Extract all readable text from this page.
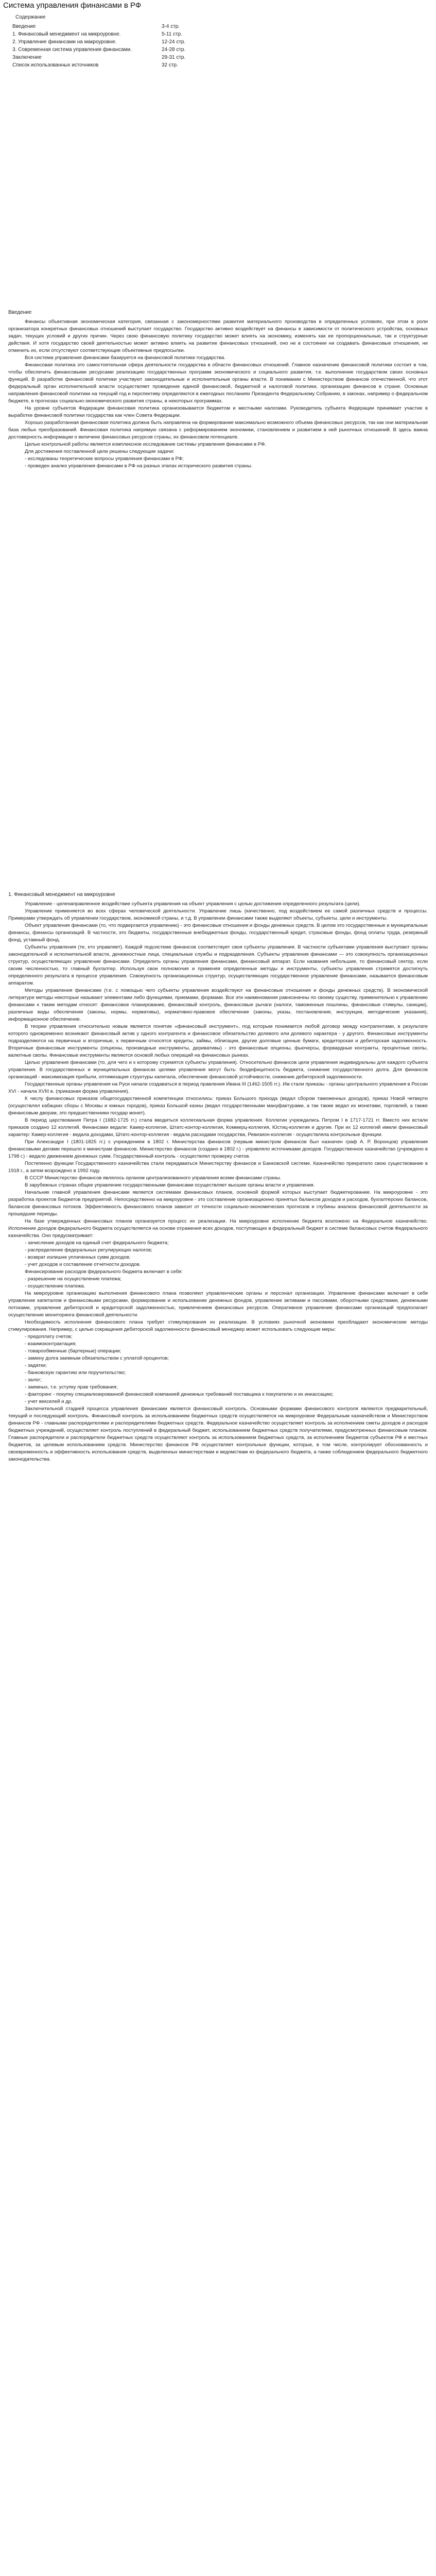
Система управления финансами в РФ

Содержание

Введение	3-4 стр.
1. Финансовый менеджмент на микроуровне.	5-11 стр.
2. Управление финансами на макроуровне.	12-24 стр.
3. Современная система управления финансами.	24-28 стр.
Заключение	29-31 стр.
Список использованных источников	32 стр.
Введение

Финансы объективная экономическая категория, связанная с закономерностями развития материального производства в определенных условиях, при этом в роли организатора конкретных финансовых отношений выступает государство. Государство активно воздействует на финансы в зависимости от политического устройства, основных задач, текущих условий и других причин. Через свою финансовую политику государство может влиять на экономику, изменять как ее пропорциональные, так и структурные действия. И хотя государство своей деятельностью может активно влиять на развитие финансовых отношений, оно не в состоянии ни создавать финансовые отношения, ни отменить их, если отсутствуют соответствующие объективные предпосылки.

Вся система управления финансами базируется на финансовой политике государства.

Финансовая политика это самостоятельная сфера деятельности государства в области финансовых отношений. Главное назначение финансовой политики состоит в том, чтобы обеспечить финансовыми ресурсами реализацию государственных программ экономического и социального развития, т.е. выполнение государством своих основных функций. В разработке финансовой политики участвуют законодательные и исполнительные органы власти. В понимании с Министерством финансов отечественной, что этот федеральный орган исполнительной власти осуществляет проведение единой финансовой, бюджетной и налоговой политики, организацию финансов в стране. Основные направления финансовой политики на текущий год и перспективу определяются в ежегодных посланиях Президента Федеральному Собранию, в законах, например о федеральном бюджете, в прогнозах социально-экономического развития страны, в некоторых программах.

На уровне субъектов Федерации финансовая политика организовывается бюджетом и местными налогами. Руководитель субъекта Федерации принимает участие в выработке финансовой политики государства как член Совета Федерации.

Хорошо разработанная финансовая политика должна быть направлена на формирование максимально возможного объема финансовых ресурсов, так как они материальная база любых преобразований. Финансовая политика напрямую связана с реформированием экономики, становлением и развитием в ней рыночных отношений. В здесь важна достоверность информации о величине финансовых ресурсов страны, их финансовом потенциале.

Целью контрольной работы является комплексное исследование системы управления финансами в РФ.

Для достижения поставленной цели решены следующие задачи:

- исследованы теоретические вопросы управления финансами в РФ;

- проведен анализ управления финансами в РФ на разных этапах исторического развития страны.

1. Финансовый менеджмент на микроуровне

Управление - целенаправленное воздействие субъекта управления на объект управления с целью достижения определенного результата (цели).

Управление применяется во всех сферах человеческой деятельности. Управление лишь (качественно, под воздействием ее самой различных средств и процессы. Примерами утверждать об управлении государством, экономикой страны, и т.д. В управлении финансами также выделяют объекты, субъекты, цели и инструменты.

Объект управления финансами (то, что подвергается управлению) - это финансовые отношения и фонды денежных средств. В целом это государственные и муниципальные финансы, финансы организаций. В частности, это бюджеты, государственные внебюджетные фонды, государственный кредит, страховые фонды, фонд оплаты труда, резервный фонд, уставный фонд.

Субъекты управления (те, кто управляет). Каждой подсистеме финансов соответствует своя субъекты управления. В частности субъектами управления выступают органы законодательной и исполнительной власти, денежностные лица, специальные службы и подразделения. Субъекты управления финансами — это совокупность организационных структур, осуществляющих управление финансами. Определить органы управления финансами, финансовый аппарат. Если названия небольшие, то финансовый сектор, если своим численностью, то главный бухгалтер. Используя свои полномочия и применяя определенные методы и инструменты, субъекты управления стремятся достигнуть определенного результата в процессе управления. Совокупность организационных структур, осуществляющих государственное управление финансами, называется финансовым аппаратом.

Методы управления финансами (т.е. с помощью чего субъекты управления воздействуют на финансовые отношения и фонды денежных средств). В экономической литературе методы некоторые называют элементами либо функциями, приемами, формами. Все эти наименования равнозначны по своему существу, применительно к управлению финансами к таким методам относят: финансовое планирование, финансовый контроль, финансовые рычаги (налоги, таможенные пошлины, финансовые стимулы, санкции), различные виды обеспечения (законы, нормы, нормативы), нормативно-правовое обеспечение (законы, указы, постановления, инструкции, методические указания), информационное обеспечение.

В теории управления относительно новым является понятие «финансовый инструмент», под которым понимается любой договор между контрагентами, в результате которого одновременно возникают финансовый актив у одного контрагента и финансовое обязательство долевого или долевого характера - у другого. Финансовые инструменты подразделяются на первичные и вторичные, к первичным относятся кредиты, займы, облигации, другие долговые ценные бумаги, кредиторская и дебиторская задолженность. Вторичные финансовые инструменты (опционы, производные инструменты, деривативы) - это финансовые опционы, фьючерсы, форвардные контракты, процентные свопы, валютные свопы. Финансовые инструменты являются основой любых операций на финансовых рынках.

Целью управления финансами (то, для чего и к которому стремятся субъекты управления). Относительно финансов цели управления индивидуальны для каждого субъекта управления. В государственных и муниципальных финансах целями управления могут быть: бездефицитность бюджета, снижение государственного долга. Для финансов организаций - максимизация прибыли, оптимизация структуры капитала, обеспечение финансовой устойчивости, снижение дебиторской задолженности.

Государственные органы управления на Руси начали создаваться в период правления Ивана III (1462-1505 гг.). Им стали приказы - органы центрального управления в России XVI - начала XVIII в. (приказная форма управления).

К числу финансовых приказов общегосударственной компетенции относились: приказ Большого прихода (ведал сбором таможенных доходов), приказ Новой четверти (осуществлял кабацких сборы с Москвы и южных городов), приказ Большой казны (ведал государственными мануфактурами, а так также ведал их монетами, торговлей, а также финансовым дворам, это предшественники государ монет).

В период царствования Петра I (1682-1725 гг.) стала вводиться коллегиальная форма управления. Коллегии учреждались Петром I в 1717-1721 гг. Вместо них встали приказов создано 12 коллегий. Финансами ведали: Камер-коллегия, Штатс-контор-коллегия, Коммерц-коллегия, Юстиц-коллегия и другие. При их 12 коллегий имели финансовый характер: Камер-коллегия - ведала доходами, Штатс-контор-коллегия - ведала расходами государства, Ревизион-коллегия - осуществляла контрольные функции.

При Александре I (1801-1825 гг.) с учреждением в 1802 г. Министерства финансов (первым министром финансов был назначен граф А. Р. Воронцов) управления финансовыми делами перешло к министрам финансов. Министерство финансов (создано в 1802 г.) - управляло источниками доходов. Государственное казначейство (учреждено в 1798 г.) - ведало движением денежных сумм. Государственный контроль - осуществлял проверку счетов.

Постепенно функции Государственного казначейства стали передаваться Министерству финансов и Банковской системе. Казначейство прекратило свою существование в 1918 г., а затем возрождено в 1992 году.

В СССР Министерство финансов являлось органом централизованного управления всеми финансами страны.

В зарубежных странах общее управление государственными финансами осуществляет высшие органы власти и управления.

Начальник главной управления финансами является системами финансовых планов, основной формой которых выступает бюджетирование. На микроуровне - это разработка проектов бюджетов предприятий. Непосредственно на микроуровне - это составление организационно принятых балансов доходов и расходов, бухгалтерских балансов, балансов финансовых потоков. Эффективность финансового планов зависит от точности социально-экономических прогнозов и глубины анализа финансовой деятельности за прошедшие периоды.

На базе утвержденных финансовых планов организуется процесс их реализации. На микроуровне исполнение бюджета возложено на Федеральное казначейство. Исполнение доходов федерального бюджета осуществляется на основе отражения всех доходов, поступающих в федеральный бюджет в системе балансовых счетов Федерального казначейства. Оно предусматривает:

- зачисление доходов на единый счет федерального бюджета;

- распределение федеральных регулирующих налогов;

- возврат излишне уплаченных сумм доходов;

- учет доходов и составление отчетности доходов.

Финансирование расходов федерального бюджета включает в себя:

- разрешение на осуществление платежа;

- осуществление платежа.

На микроуровне организацию выполнения финансового плана позволяют управленческие органы и персонал организации. Управление финансами включает в себя управление капиталом и финансовыми ресурсами, формирование и использование денежных фондов, управление активами и пассивами, оборотными средствами, денежными потоками, управление дебиторской и кредиторской задолженностью, привлечением финансовых ресурсов. Оперативное управление финансами организаций предполагает осуществление мониторинга финансовой деятельности.

Необходимость исполнения финансового плана требует стимулирования их реализации. В условиях рыночной экономики преобладают экономические методы стимулирования. Например, с целью сокращения дебиторской задолженности финансовый менеджер может использовать следующие меры:

- предоплату счетов;

- взаимоконтрактация;

- товарообменные (бартерные) операции;

- замену долга заемным обязательством с уплатой процентов;

- задатки;

- банковскую гарантию или поручительство;

- залог;

- заемных, т.е. уступку прав требования;

- факторинг - покупку специализированной финансовой компанией денежных требований поставщика к покупателю и их инкассацию;

- учет векселей и др.

Заключительной стадией процесса управления финансами является финансовый контроль. Основными формами финансового контроля являются предварительный, текущий и последующий контроль. Финансовый контроль за использованием бюджетных средств осуществляется на микроуровне Федеральным казначейством и Министерством финансов РФ - главными распорядителями и распорядителями бюджетных средств. Федеральное казначейство осуществляет контроль за исполнением сметы доходов и расходов бюджетных учреждений, осуществляет контроль поступлений в федеральный бюджет, использованием бюджетных средств получателями, предусмотренных финансовым планом. Главные распорядители и распорядители бюджетных средств осуществляют контроль за использованием бюджетных средств, за исполнением бюджетов субъектов РФ и местных бюджетов, за целевым использованием средств. Министерство финансов РФ осуществляет контрольные функции, которые, в том числе, контролирует обоснованность и своевременность и эффективность использования средств, выделенных министерствам и ведомствам из федерального бюджета, а также соблюдением федерального бюджетного законодательства.
